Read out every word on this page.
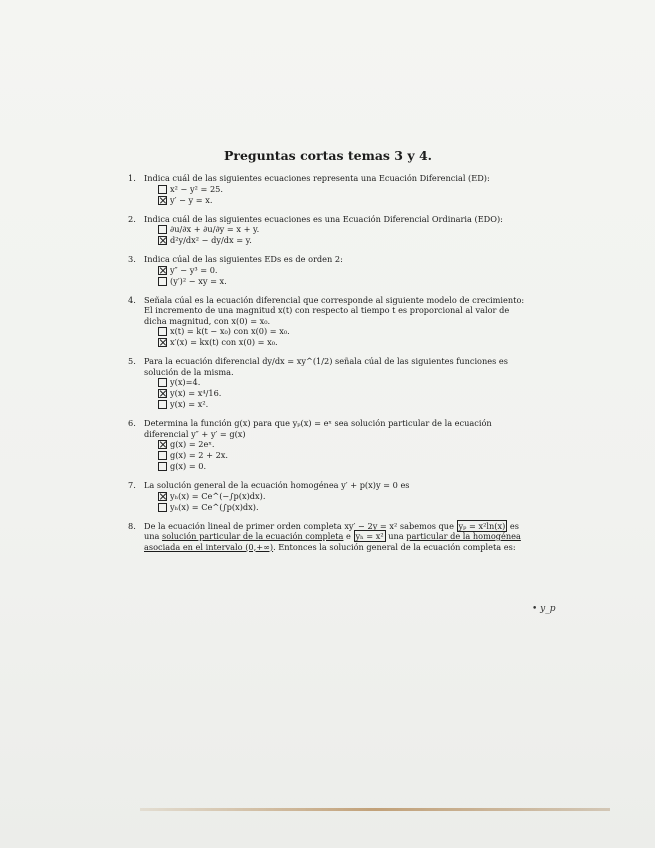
Preguntas cortas temas 3 y 4.
1. Indica cuál de las siguientes ecuaciones representa una Ecuación Diferencial (ED):
x² − y² = 25.
y′ − y = x.
2. Indica cuál de las siguientes ecuaciones es una Ecuación Diferencial Ordinaria (EDO):
∂u/∂x + ∂u/∂y = x + y.
d²y/dx² − dy/dx = y.
3. Indica cúal de las siguientes EDs es de orden 2:
y″ − y³ = 0.
(y′)² − xy = x.
4. Señala cúal es la ecuación diferencial que corresponde al siguiente modelo de crecimiento: El incremento de una magnitud x(t) con respecto al tiempo t es proporcional al valor de dicha magnitud, con x(0) = x₀.
x(t) = k(t − x₀) con x(0) = x₀.
x′(x) = kx(t) con x(0) = x₀.
5. Para la ecuación diferencial dy/dx = xy^(1/2) señala cúal de las siguientes funciones es solución de la misma.
y(x)=4.
y(x) = x⁴/16.
y(x) = x².
6. Determina la función g(x) para que yₚ(x) = eˣ sea solución particular de la ecuación diferencial y″ + y′ = g(x)
g(x) = 2eˣ.
g(x) = 2 + 2x.
g(x) = 0.
7. La solución general de la ecuación homogénea y′ + p(x)y = 0 es
yₕ(x) = Ce^(−∫p(x)dx).
yₕ(x) = Ce^(∫p(x)dx).
8. De la ecuación lineal de primer orden completa xy′ − 2y = x² sabemos que yₚ = x²ln(x) es una solución particular de la ecuación completa e yₕ = x² una particular de la homogénea asociada en el intervalo (0,+∞). Entonces la solución general de la ecuación completa es:
• y_p
